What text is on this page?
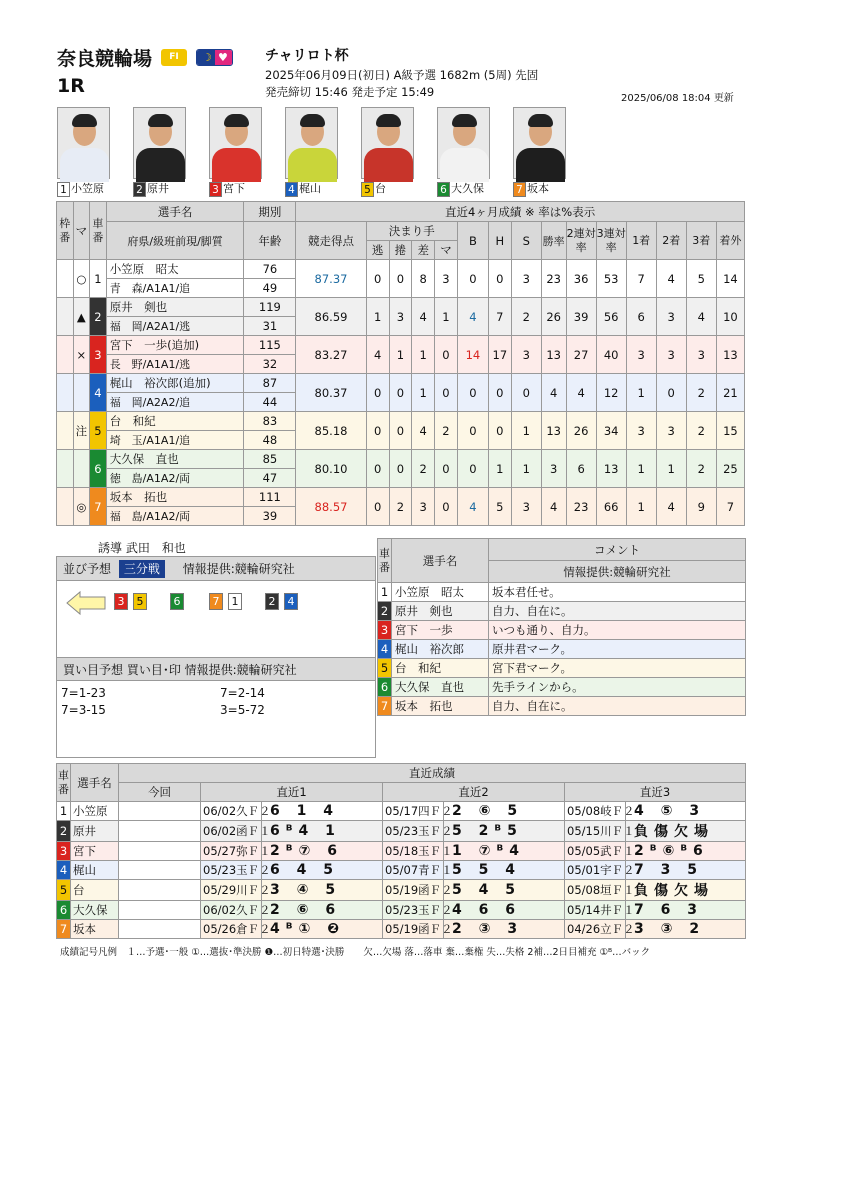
奈良競輪場	FI	☽ ♥
1R
チャリロト杯
2025年06月09日(初日) A級予選 1682m (5周) 先固
発売締切 15:46 発走予定 15:49	2025/06/08 18:04 更新
1 小笠原	2 原井	3 宮下	4 梶山	5 台	6 大久保	7 坂本
枠番	マ	車番	選手名	期別	直近4ヶ月成績 ※ 率は%表示														
			府県/級班前現/脚質	年齢	競走得点	決まり手				B	H	S	勝率	2連対率	3連対率	1着	2着	3着	着外
						逃	捲	差	マ										
	○	1	小笠原　昭太	76	87.37	0	0	8	3	0	0	3	23	36	53	7	4	5	14
			青　森/A1A1/追	49															
	▲	2	原井　剣也	119	86.59	1	3	4	1	4	7	2	26	39	56	6	3	4	10
			福　岡/A2A1/逃	31															
	×	3	宮下　一歩(追加)	115	83.27	4	1	1	0	14	17	3	13	27	40	3	3	3	13
			長　野/A1A1/逃	32															
		4	梶山　裕次郎(追加)	87	80.37	0	0	1	0	0	0	0	4	4	12	1	0	2	21
			福　岡/A2A2/追	44															
	注	5	台　和紀	83	85.18	0	0	4	2	0	0	1	13	26	34	3	3	2	15
			埼　玉/A1A1/追	48															
		6	大久保　直也	85	80.10	0	0	2	0	0	1	1	3	6	13	1	1	2	25
			徳　島/A1A2/両	47															
	◎	7	坂本　拓也	111	88.57	0	2	3	0	4	5	3	4	23	66	1	4	9	7
			福　島/A1A2/両	39															
誘導 武田　和也
並び予想 三分戦 情報提供:競輪研究社
3	5	6	7	1	2	4
買い目予想 買い目･印 情報提供:競輪研究社
7=1-23	7=2-14
7=3-15	3=5-72
車番	選手名	コメント
		情報提供:競輪研究社
1	小笠原　昭太	坂本君任せ。
2	原井　剣也	自力、自在に。
3	宮下　一歩	いつも通り、自力。
4	梶山　裕次郎	原井君マーク。
5	台　和紀	宮下君マーク。
6	大久保　直也	先手ラインから。
7	坂本　拓也	自力、自在に。
車番	選手名	直近成績						
		今回	直近1		直近2		直近3	
1	小笠原		06/02久Ｆ２	6 1 4	05/17四Ｆ２	2 ⑥ 5	05/08岐Ｆ２	4 ⑤ 3
2	原井		06/02函Ｆ１	6ᴮ4 1	05/23玉Ｆ２	5 2ᴮ5	05/15川Ｆ１	負傷欠場
3	宮下		05/27弥Ｆ１	2ᴮ⑦ 6	05/18玉Ｆ１	1 ⑦ᴮ4	05/05武Ｆ１	2ᴮ⑥ᴮ6
4	梶山		05/23玉Ｆ２	6 4 5	05/07青Ｆ１	5 5 4	05/01宇Ｆ２	7 3 5
5	台		05/29川Ｆ２	3 ④ 5	05/19函Ｆ２	5 4 5	05/08垣Ｆ１	負傷欠場
6	大久保		06/02久Ｆ２	2 ⑥ 6	05/23玉Ｆ２	4 6 6	05/14井Ｆ１	7 6 3
7	坂本		05/26倉Ｆ２	4ᴮ① ❷	05/19函Ｆ２	2 ③ 3	04/26立Ｆ２	3 ③ 2
成績記号凡例　１…予選･一般 ①…選抜･準決勝 ❶…初日特選･決勝　　欠…欠場 落…落車 棄…棄権 失…失格 2補…2日目補充 ①ᴮ…バック
